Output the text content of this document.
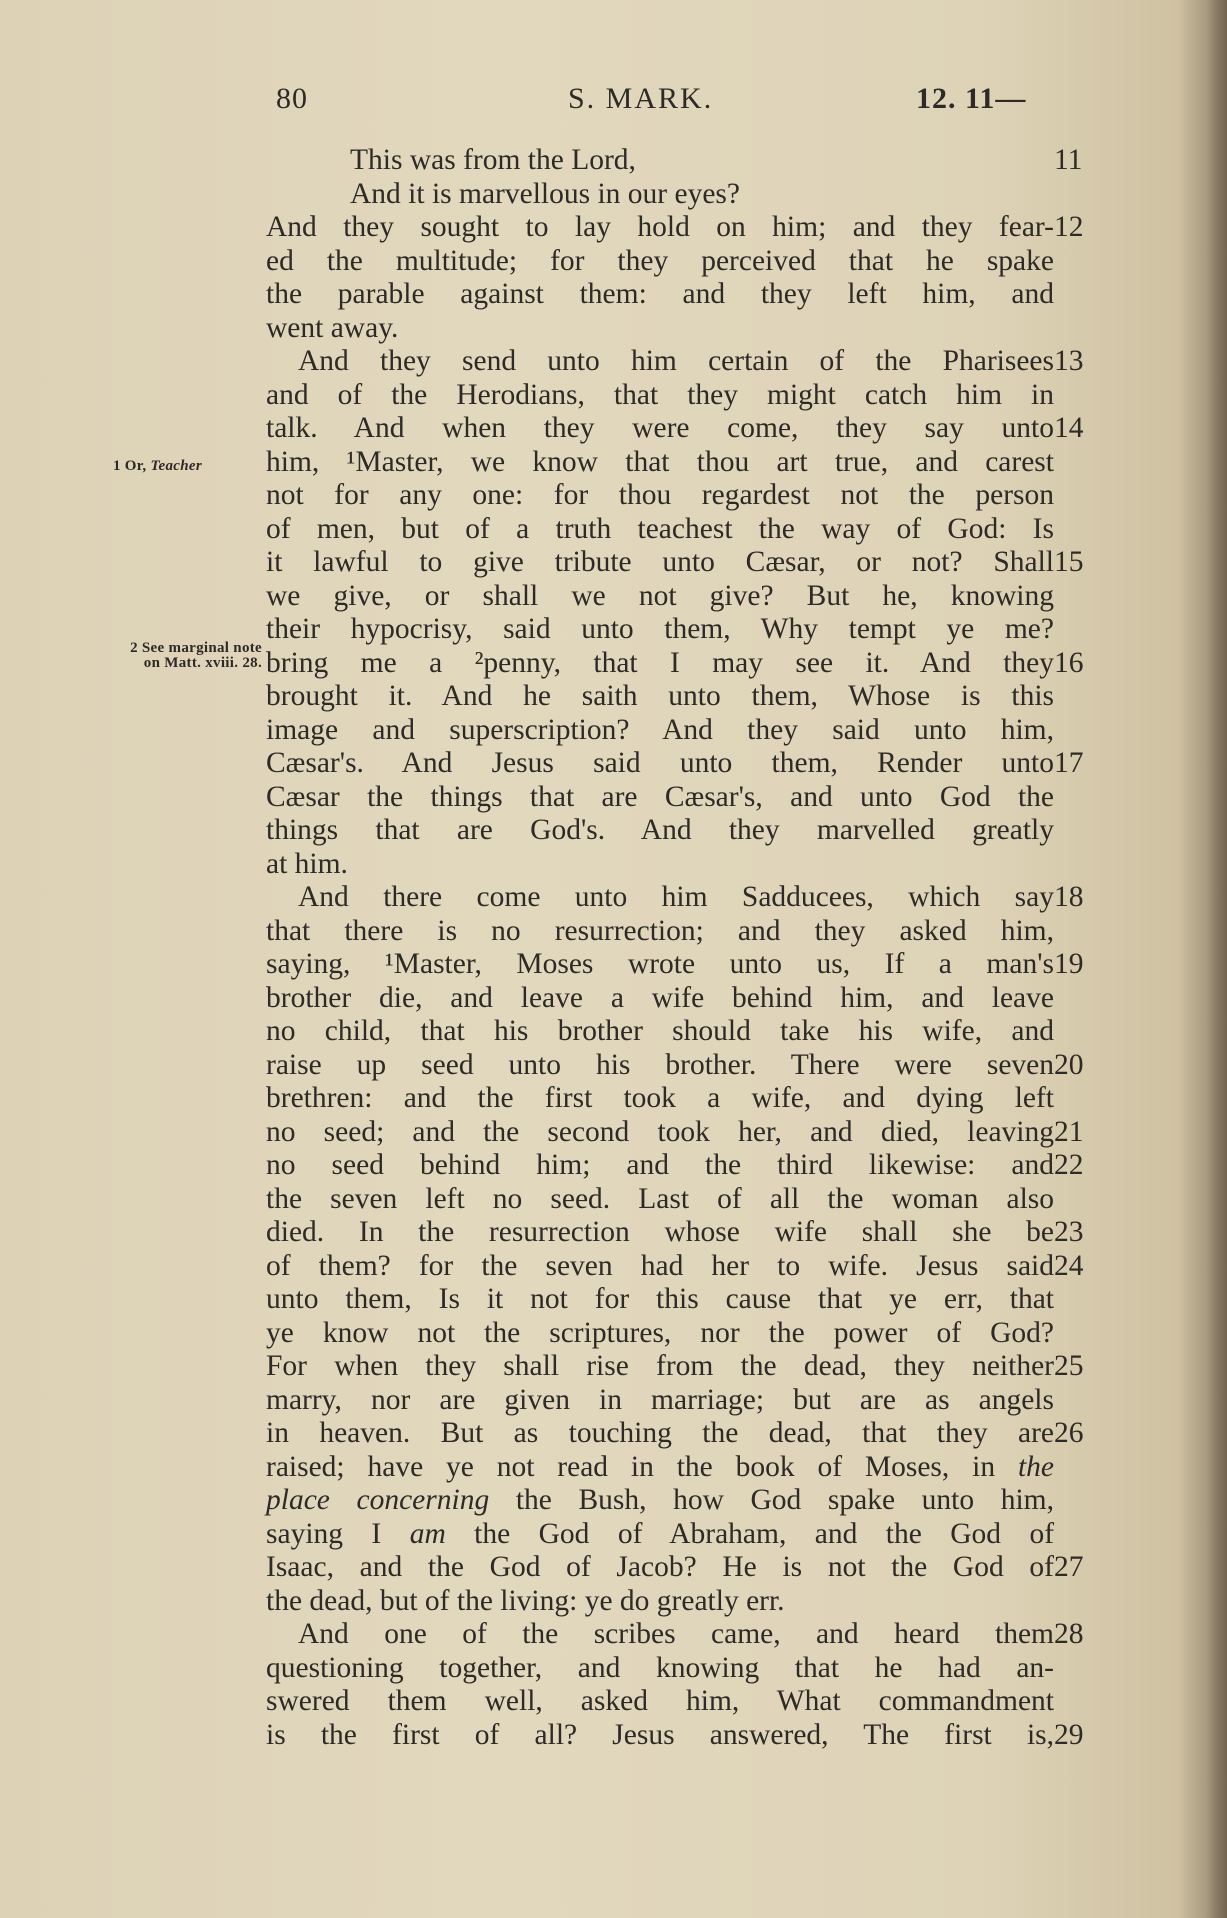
80	S. MARK.	12. 11—
1 Or, Teacher
2 See marginal note
on Matt. xviii. 28.
This was from the Lord,	11
And it is marvellous in our eyes?
And they sought to lay hold on him; and they fear- 12
ed the multitude; for they perceived that he spake
the parable against them: and they left him, and
went away.
And they send unto him certain of the Pharisees 13
and of the Herodians, that they might catch him in
talk. And when they were come, they say unto 14
him, ¹Master, we know that thou art true, and carest
not for any one: for thou regardest not the person
of men, but of a truth teachest the way of God: Is
it lawful to give tribute unto Cæsar, or not? Shall 15
we give, or shall we not give? But he, knowing
their hypocrisy, said unto them, Why tempt ye me?
bring me a ²penny, that I may see it. And they 16
brought it. And he saith unto them, Whose is this
image and superscription? And they said unto him,
Cæsar's. And Jesus said unto them, Render unto 17
Cæsar the things that are Cæsar's, and unto God the
things that are God's. And they marvelled greatly
at him.
And there come unto him Sadducees, which say 18
that there is no resurrection; and they asked him,
saying, ¹Master, Moses wrote unto us, If a man's 19
brother die, and leave a wife behind him, and leave
no child, that his brother should take his wife, and
raise up seed unto his brother. There were seven 20
brethren: and the first took a wife, and dying left
no seed; and the second took her, and died, leaving 21
no seed behind him; and the third likewise: and 22
the seven left no seed. Last of all the woman also
died. In the resurrection whose wife shall she be 23
of them? for the seven had her to wife. Jesus said 24
unto them, Is it not for this cause that ye err, that
ye know not the scriptures, nor the power of God?
For when they shall rise from the dead, they neither 25
marry, nor are given in marriage; but are as angels
in heaven. But as touching the dead, that they are 26
raised; have ye not read in the book of Moses, in the
place concerning the Bush, how God spake unto him,
saying I am the God of Abraham, and the God of
Isaac, and the God of Jacob? He is not the God of 27
the dead, but of the living: ye do greatly err.
And one of the scribes came, and heard them 28
questioning together, and knowing that he had an-
swered them well, asked him, What commandment
is the first of all? Jesus answered, The first is, 29
